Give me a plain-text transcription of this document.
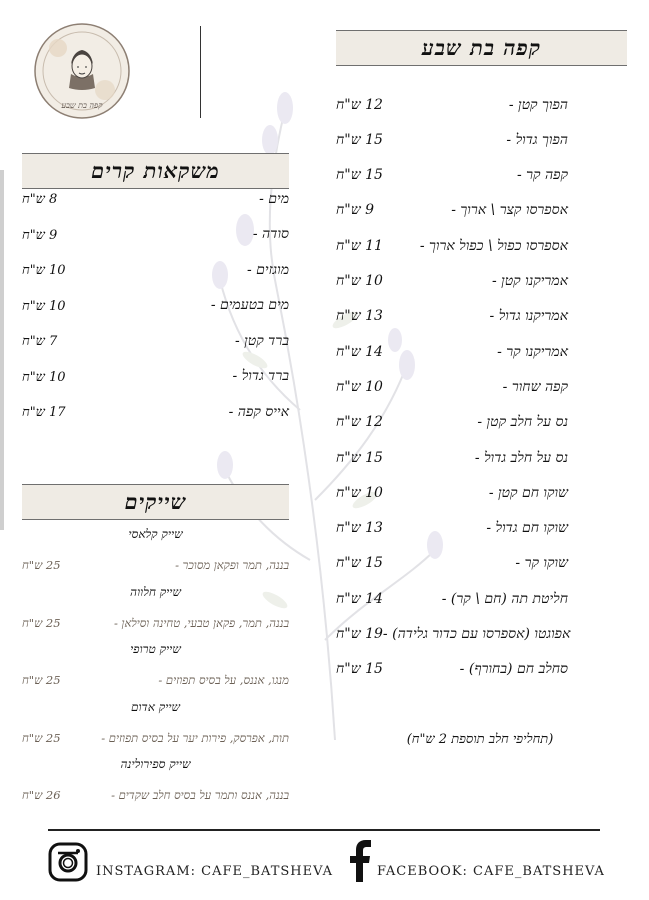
קפה בת שבע
קפה בת שבע
12 ש"ח	הפוך קטן -
15 ש"ח	הפוך גדול -
15 ש"ח	קפה קר -
9 ש"ח	אספרסו קצר \ ארוך -
11 ש"ח	אספרסו כפול \ כפול ארוך -
10 ש"ח	אמריקנו קטן -
13 ש"ח	אמריקנו גדול -
14 ש"ח	אמריקנו קר -
10 ש"ח	קפה שחור -
12 ש"ח	נס על חלב קטן -
15 ש"ח	נס על חלב גדול -
10 ש"ח	שוקו חם קטן -
13 ש"ח	שוקו חם גדול -
15 ש"ח	שוקו קר -
14 ש"ח	חליטת תה (חם \ קר) -
19 ש"ח אפוגטו (אספרסו עם כדור גלידה) -
15 ש"ח	סחלב חם (בחורף) -
(תחליפי חלב תוספת 2 ש"ח)
משקאות קרים
8 ש"ח	מים -
9 ש"ח	סודה -
10 ש"ח	מוגזים -
10 ש"ח	מים בטעמים -
7 ש"ח	ברד קטן -
10 ש"ח	ברד גדול -
17 ש"ח	אייס קפה -
שייקים
שייק קלאסי
25 ש"ח	בננה, תמר ופקאן מסוכר -
שייק חלווה
25 ש"ח	בננה, תמר, פקאן טבעי, טחינה וסילאן -
שייק טרופי
25 ש"ח	מנגו, אננס, על בסיס תפוזים -
שייק אדום
25 ש"ח	תות, אפרסק, פירות יער על בסיס תפוזים -
שייק ספירולינה
26 ש"ח	בננה, אננס ותמר על בסיס חלב שקדים -
INSTAGRAM: CAFE_BATSHEVA	FACEBOOK: CAFE_BATSHEVA
